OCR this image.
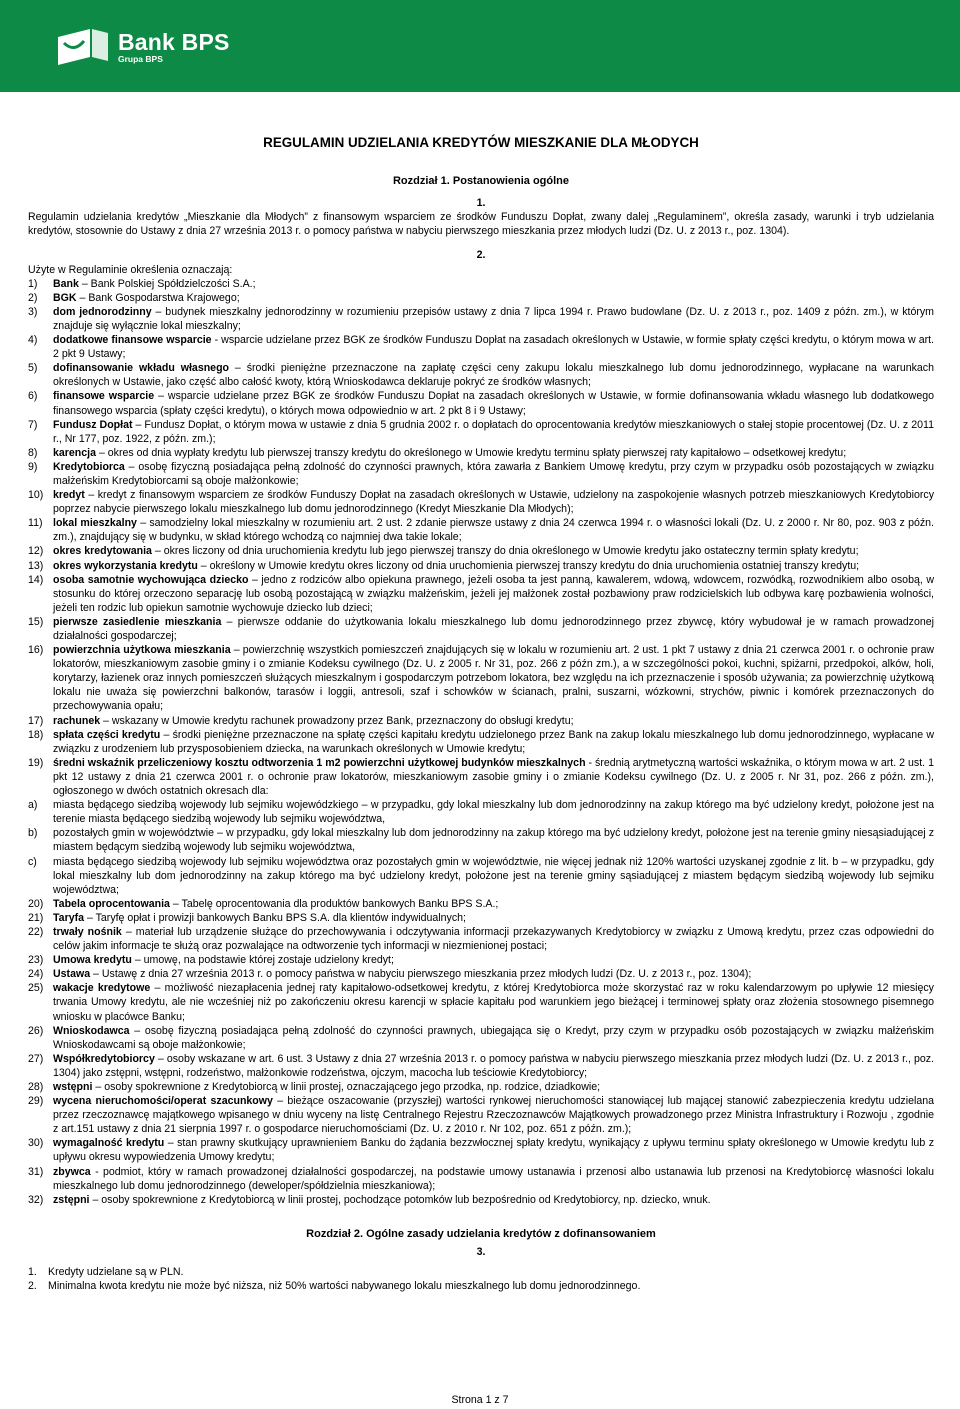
Bank BPS
Grupa BPS
REGULAMIN UDZIELANIA KREDYTÓW MIESZKANIE DLA MŁODYCH
Rozdział 1. Postanowienia ogólne
1.

Regulamin udzielania kredytów „Mieszkanie dla Młodych” z finansowym wsparciem ze środków Funduszu Dopłat, zwany dalej „Regulaminem”, określa zasady, warunki i tryb udzielania kredytów, stosownie do Ustawy z dnia 27 września 2013 r. o pomocy państwa w nabyciu pierwszego mieszkania przez młodych ludzi (Dz. U. z 2013 r., poz. 1304).

2.

Użyte w Regulaminie określenia oznaczają:

1) Bank – Bank Polskiej Spółdzielczości S.A.;
2) BGK – Bank Gospodarstwa Krajowego;
3) dom jednorodzinny – budynek mieszkalny jednorodzinny w rozumieniu przepisów ustawy z dnia 7 lipca 1994 r. Prawo budowlane (Dz. U. z 2013 r., poz. 1409 z późn. zm.), w którym znajduje się wyłącznie lokal mieszkalny;
4) dodatkowe finansowe wsparcie - wsparcie udzielane przez BGK ze środków Funduszu Dopłat na zasadach określonych w Ustawie, w formie spłaty części kredytu, o którym mowa w art. 2 pkt 9 Ustawy;
5) dofinansowanie wkładu własnego – środki pieniężne przeznaczone na zapłatę części ceny zakupu lokalu mieszkalnego lub domu jednorodzinnego, wypłacane na warunkach określonych w Ustawie, jako część albo całość kwoty, którą Wnioskodawca deklaruje pokryć ze środków własnych;
6) finansowe wsparcie – wsparcie udzielane przez BGK ze środków Funduszu Dopłat na zasadach określonych w Ustawie, w formie dofinansowania wkładu własnego lub dodatkowego finansowego wsparcia (spłaty części kredytu), o których mowa odpowiednio w art. 2 pkt 8 i 9 Ustawy;
7) Fundusz Dopłat – Fundusz Dopłat, o którym mowa w ustawie z dnia 5 grudnia 2002 r. o dopłatach do oprocentowania kredytów mieszkaniowych o stałej stopie procentowej (Dz. U. z 2011 r., Nr 177, poz. 1922, z późn. zm.);
8) karencja – okres od dnia wypłaty kredytu lub pierwszej transzy kredytu do określonego w Umowie kredytu terminu spłaty pierwszej raty kapitałowo – odsetkowej kredytu;
9) Kredytobiorca – osobę fizyczną posiadająca pełną zdolność do czynności prawnych, która zawarła z Bankiem Umowę kredytu, przy czym w przypadku osób pozostających w związku małżeńskim Kredytobiorcami są oboje małżonkowie;
10) kredyt – kredyt z finansowym wsparciem ze środków Funduszy Dopłat na zasadach określonych w Ustawie, udzielony na zaspokojenie własnych potrzeb mieszkaniowych Kredytobiorcy poprzez nabycie pierwszego lokalu mieszkalnego lub domu jednorodzinnego (Kredyt Mieszkanie Dla Młodych);
11) lokal mieszkalny – samodzielny lokal mieszkalny w rozumieniu art. 2 ust. 2 zdanie pierwsze ustawy z dnia 24 czerwca 1994 r. o własności lokali (Dz. U. z 2000 r. Nr 80, poz. 903 z późn. zm.), znajdujący się w budynku, w skład którego wchodzą co najmniej dwa takie lokale;
12) okres kredytowania – okres liczony od dnia uruchomienia kredytu lub jego pierwszej transzy do dnia określonego w Umowie kredytu jako ostateczny termin spłaty kredytu;
13) okres wykorzystania kredytu – określony w Umowie kredytu okres liczony od dnia uruchomienia pierwszej transzy kredytu do dnia uruchomienia ostatniej transzy kredytu;
14) osoba samotnie wychowująca dziecko – jedno z rodziców albo opiekuna prawnego, jeżeli osoba ta jest panną, kawalerem, wdową, wdowcem, rozwódką, rozwodnikiem albo osobą, w stosunku do której orzeczono separację lub osobą pozostającą w związku małżeńskim, jeżeli jej małżonek został pozbawiony praw rodzicielskich lub odbywa karę pozbawienia wolności, jeżeli ten rodzic lub opiekun samotnie wychowuje dziecko lub dzieci;
15) pierwsze zasiedlenie mieszkania – pierwsze oddanie do użytkowania lokalu mieszkalnego lub domu jednorodzinnego przez zbywcę, który wybudował je w ramach prowadzonej działalności gospodarczej;
16) powierzchnia użytkowa mieszkania – powierzchnię wszystkich pomieszczeń znajdujących się w lokalu w rozumieniu art. 2 ust. 1 pkt 7 ustawy z dnia 21 czerwca 2001 r. o ochronie praw lokatorów, mieszkaniowym zasobie gminy i o zmianie Kodeksu cywilnego (Dz. U. z 2005 r. Nr 31, poz. 266 z późn zm.), a w szczególności pokoi, kuchni, spiżarni, przedpokoi, alków, holi, korytarzy, łazienek oraz innych pomieszczeń służących mieszkalnym i gospodarczym potrzebom lokatora, bez względu na ich przeznaczenie i sposób używania; za powierzchnię użytkową lokalu nie uważa się powierzchni balkonów, tarasów i loggii, antresoli, szaf i schowków w ścianach, pralni, suszarni, wózkowni, strychów, piwnic i komórek przeznaczonych do przechowywania opału;
17) rachunek – wskazany w Umowie kredytu rachunek prowadzony przez Bank, przeznaczony do obsługi kredytu;
18) spłata części kredytu – środki pieniężne przeznaczone na spłatę części kapitału kredytu udzielonego przez Bank na zakup lokalu mieszkalnego lub domu jednorodzinnego, wypłacane w związku z urodzeniem lub przysposobieniem dziecka, na warunkach określonych w Umowie kredytu;
19) średni wskaźnik przeliczeniowy kosztu odtworzenia 1 m2 powierzchni użytkowej budynków mieszkalnych - średnią arytmetyczną wartości wskaźnika, o którym mowa w art. 2 ust. 1 pkt 12 ustawy z dnia 21 czerwca 2001 r. o ochronie praw lokatorów, mieszkaniowym zasobie gminy i o zmianie Kodeksu cywilnego (Dz. U. z 2005 r. Nr 31, poz. 266 z późn. zm.), ogłoszonego w dwóch ostatnich okresach dla:
a) miasta będącego siedzibą wojewody lub sejmiku wojewódzkiego – w przypadku, gdy lokal mieszkalny lub dom jednorodzinny na zakup którego ma być udzielony kredyt, położone jest na terenie miasta będącego siedzibą wojewody lub sejmiku województwa,
b) pozostałych gmin w województwie – w przypadku, gdy lokal mieszkalny lub dom jednorodzinny na zakup którego ma być udzielony kredyt, położone jest na terenie gminy niesąsiadującej z miastem będącym siedzibą wojewody lub sejmiku województwa,
c) miasta będącego siedzibą wojewody lub sejmiku województwa oraz pozostałych gmin w województwie, nie więcej jednak niż 120% wartości uzyskanej zgodnie z lit. b – w przypadku, gdy lokal mieszkalny lub dom jednorodzinny na zakup którego ma być udzielony kredyt, położone jest na terenie gminy sąsiadującej z miastem będącym siedzibą wojewody lub sejmiku województwa;
20) Tabela oprocentowania – Tabelę oprocentowania dla produktów bankowych Banku BPS S.A.;
21) Taryfa – Taryfę opłat i prowizji bankowych Banku BPS S.A. dla klientów indywidualnych;
22) trwały nośnik – materiał lub urządzenie służące do przechowywania i odczytywania informacji przekazywanych Kredytobiorcy w związku z Umową kredytu, przez czas odpowiedni do celów jakim informacje te służą oraz pozwalające na odtworzenie tych informacji w niezmienionej postaci;
23) Umowa kredytu – umowę, na podstawie której zostaje udzielony kredyt;
24) Ustawa – Ustawę z dnia 27 września 2013 r. o pomocy państwa w nabyciu pierwszego mieszkania przez młodych ludzi (Dz. U. z 2013 r., poz. 1304);
25) wakacje kredytowe – możliwość niezapłacenia jednej raty kapitałowo-odsetkowej kredytu, z której Kredytobiorca może skorzystać raz w roku kalendarzowym po upływie 12 miesięcy trwania Umowy kredytu, ale nie wcześniej niż po zakończeniu okresu karencji w spłacie kapitału pod warunkiem jego bieżącej i terminowej spłaty oraz złożenia stosownego pisemnego wniosku w placówce Banku;
26) Wnioskodawca – osobę fizyczną posiadająca pełną zdolność do czynności prawnych, ubiegająca się o Kredyt, przy czym w przypadku osób pozostających w związku małżeńskim Wnioskodawcami są oboje małżonkowie;
27) Współkredytobiorcy – osoby wskazane w art. 6 ust. 3 Ustawy z dnia 27 września 2013 r. o pomocy państwa w nabyciu pierwszego mieszkania przez młodych ludzi (Dz. U. z 2013 r., poz. 1304) jako zstępni, wstępni, rodzeństwo, małżonkowie rodzeństwa, ojczym, macocha lub teściowie Kredytobiorcy;
28) wstępni – osoby spokrewnione z Kredytobiorcą w linii prostej, oznaczającego jego przodka, np. rodzice, dziadkowie;
29) wycena nieruchomości/operat szacunkowy – bieżące oszacowanie (przyszłej) wartości rynkowej nieruchomości stanowiącej lub mającej stanowić zabezpieczenia kredytu udzielana przez rzeczoznawcę majątkowego wpisanego w dniu wyceny na listę Centralnego Rejestru Rzeczoznawców Majątkowych prowadzonego przez Ministra Infrastruktury i Rozwoju , zgodnie z art.151 ustawy z dnia 21 sierpnia 1997 r. o gospodarce nieruchomościami (Dz. U. z 2010 r. Nr 102, poz. 651 z późn. zm.);
30) wymagalność kredytu – stan prawny skutkujący uprawnieniem Banku do żądania bezzwłocznej spłaty kredytu, wynikający z upływu terminu spłaty określonego w Umowie kredytu lub z upływu okresu wypowiedzenia Umowy kredytu;
31) zbywca - podmiot, który w ramach prowadzonej działalności gospodarczej, na podstawie umowy ustanawia i przenosi albo ustanawia lub przenosi na Kredytobiorcę własności lokalu mieszkalnego lub domu jednorodzinnego (deweloper/spółdzielnia mieszkaniowa);
32) zstępni – osoby spokrewnione z Kredytobiorcą w linii prostej, pochodzące potomków lub bezpośrednio od Kredytobiorcy, np. dziecko, wnuk.
Rozdział 2. Ogólne zasady udzielania kredytów z dofinansowaniem
3.
1. Kredyty udzielane są w PLN.
2. Minimalna kwota kredytu nie może być niższa, niż 50% wartości nabywanego lokalu mieszkalnego lub domu jednorodzinnego.
Strona 1 z 7
